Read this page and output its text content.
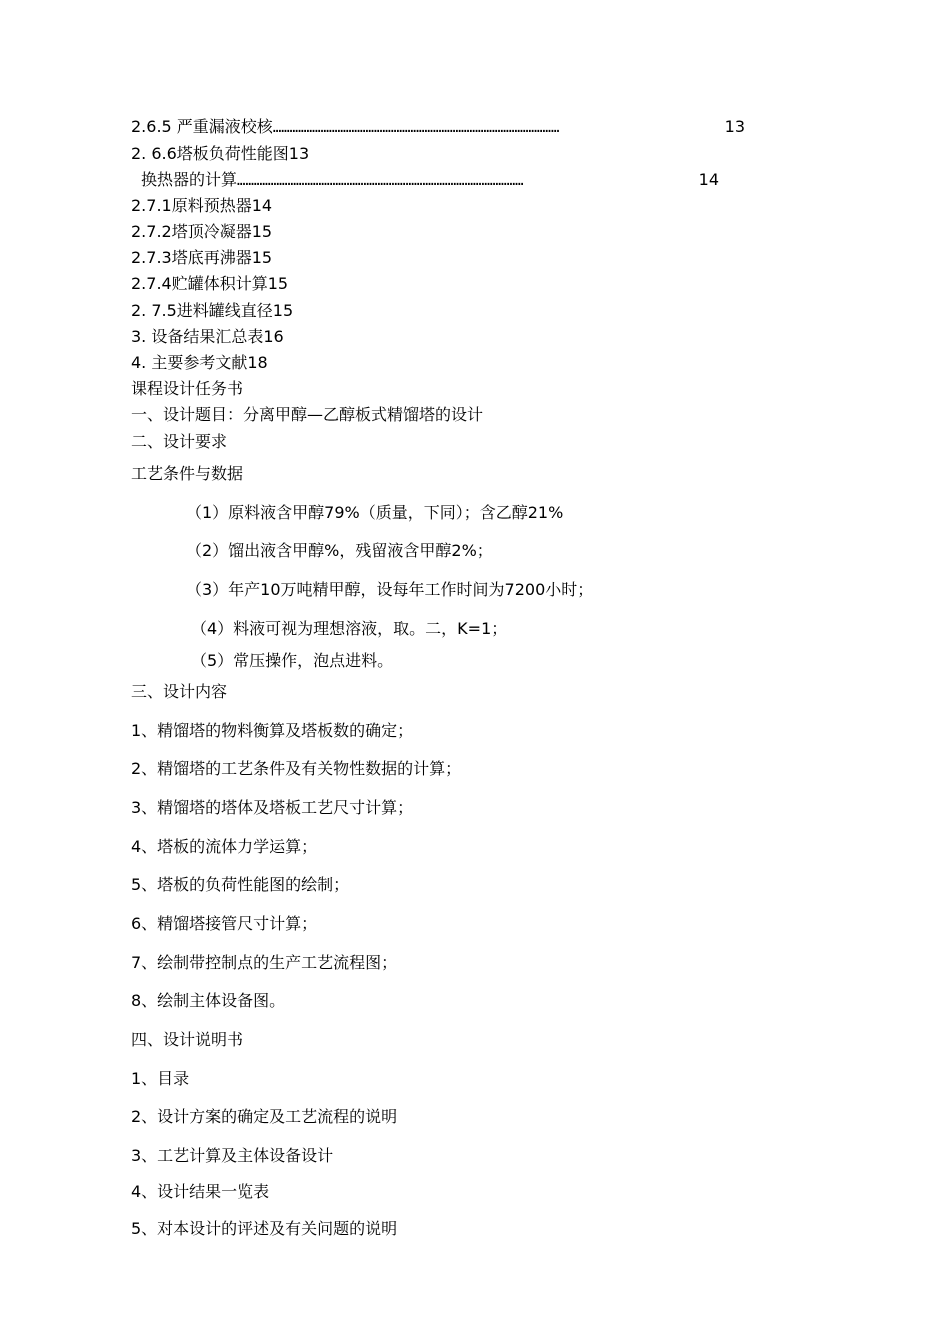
2.6.5 严重漏液校核 …………………………………………………………………………………………	13
2. 6.6塔板负荷性能图13
换热器的计算 …………………………………………………………………………………………	14
2.7.1原料预热器14
2.7.2塔顶冷凝器15
2.7.3塔底再沸器15
2.7.4贮罐体积计算15
2. 7.5进料罐线直径15
3. 设备结果汇总表16
4. 主要参考文献18
课程设计任务书
一、设计题目：分离甲醇—乙醇板式精馏塔的设计
二、设计要求
工艺条件与数据
（1）原料液含甲醇79%（质量，下同）；含乙醇21%
（2）馏出液含甲醇%，残留液含甲醇2%；
（3）年产10万吨精甲醇，设每年工作时间为7200小时；
（4）料液可视为理想溶液，取。二，K=1；
（5）常压操作，泡点进料。
三、设计内容
1、精馏塔的物料衡算及塔板数的确定；
2、精馏塔的工艺条件及有关物性数据的计算；
3、精馏塔的塔体及塔板工艺尺寸计算；
4、塔板的流体力学运算；
5、塔板的负荷性能图的绘制；
6、精馏塔接管尺寸计算；
7、绘制带控制点的生产工艺流程图；
8、绘制主体设备图。
四、设计说明书
1、目录
2、设计方案的确定及工艺流程的说明
3、工艺计算及主体设备设计
4、设计结果一览表
5、对本设计的评述及有关问题的说明
